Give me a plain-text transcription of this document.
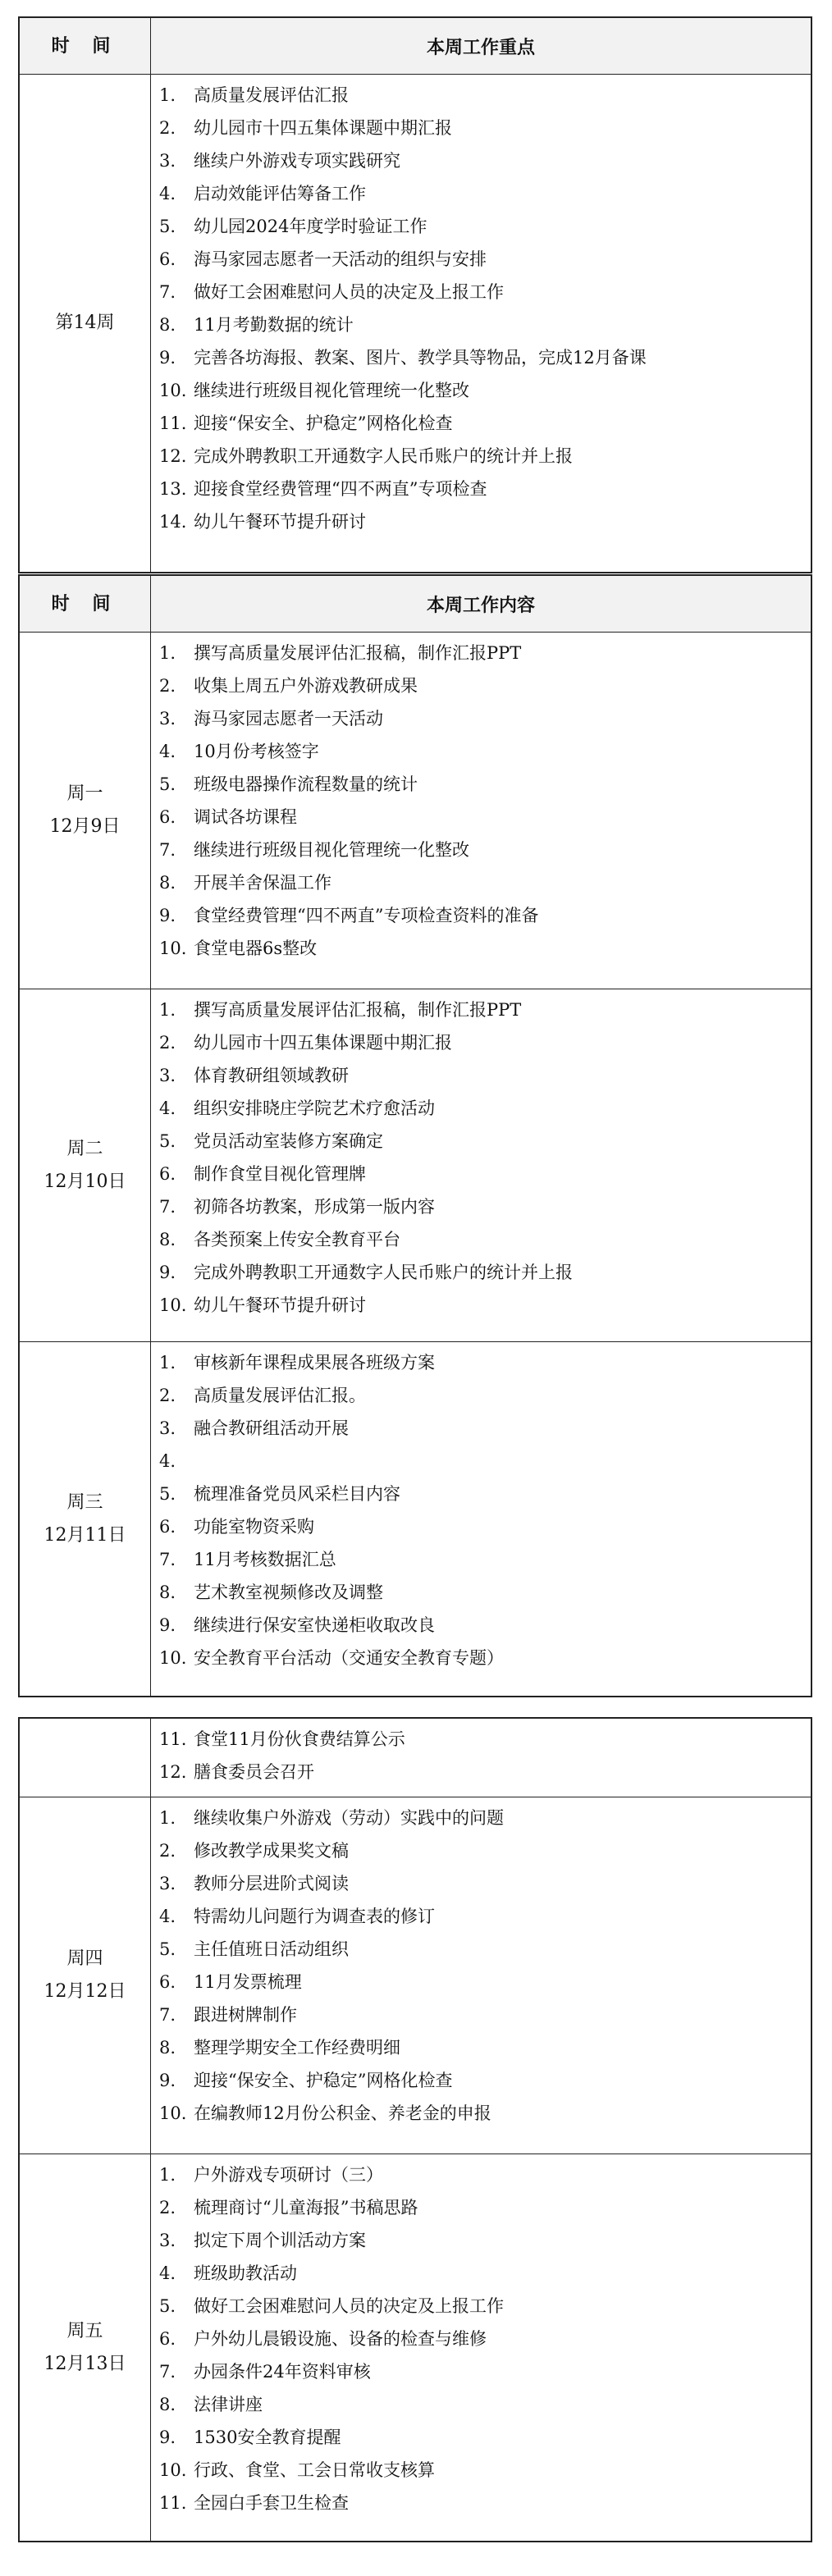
时 间	本周工作重点
第14周
1. 高质量发展评估汇报
2. 幼儿园市十四五集体课题中期汇报
3. 继续户外游戏专项实践研究
4. 启动效能评估筹备工作
5. 幼儿园2024年度学时验证工作
6. 海马家园志愿者一天活动的组织与安排
7. 做好工会困难慰问人员的决定及上报工作
8. 11月考勤数据的统计
9. 完善各坊海报、教案、图片、教学具等物品，完成12月备课
10. 继续进行班级目视化管理统一化整改
11. 迎接“保安全、护稳定”网格化检查
12. 完成外聘教职工开通数字人民币账户的统计并上报
13. 迎接食堂经费管理“四不两直”专项检查
14. 幼儿午餐环节提升研讨
时 间	本周工作内容
周一
12月9日
1. 撰写高质量发展评估汇报稿，制作汇报PPT
2. 收集上周五户外游戏教研成果
3. 海马家园志愿者一天活动
4. 10月份考核签字
5. 班级电器操作流程数量的统计
6. 调试各坊课程
7. 继续进行班级目视化管理统一化整改
8. 开展羊舍保温工作
9. 食堂经费管理“四不两直”专项检查资料的准备
10. 食堂电器6s整改
周二
12月10日
1. 撰写高质量发展评估汇报稿，制作汇报PPT
2. 幼儿园市十四五集体课题中期汇报
3. 体育教研组领域教研
4. 组织安排晓庄学院艺术疗愈活动
5. 党员活动室装修方案确定
6. 制作食堂目视化管理牌
7. 初筛各坊教案，形成第一版内容
8. 各类预案上传安全教育平台
9. 完成外聘教职工开通数字人民币账户的统计并上报
10. 幼儿午餐环节提升研讨
周三
12月11日
1. 审核新年课程成果展各班级方案
2. 高质量发展评估汇报。
3. 融合教研组活动开展
4.
5. 梳理准备党员风采栏目内容
6. 功能室物资采购
7. 11月考核数据汇总
8. 艺术教室视频修改及调整
9. 继续进行保安室快递柜收取改良
10. 安全教育平台活动（交通安全教育专题）
11. 食堂11月份伙食费结算公示
12. 膳食委员会召开
周四
12月12日
1. 继续收集户外游戏（劳动）实践中的问题
2. 修改教学成果奖文稿
3. 教师分层进阶式阅读
4. 特需幼儿问题行为调查表的修订
5. 主任值班日活动组织
6. 11月发票梳理
7. 跟进树牌制作
8. 整理学期安全工作经费明细
9. 迎接“保安全、护稳定”网格化检查
10. 在编教师12月份公积金、养老金的申报
周五
12月13日
1. 户外游戏专项研讨（三）
2. 梳理商讨“儿童海报”书稿思路
3. 拟定下周个训活动方案
4. 班级助教活动
5. 做好工会困难慰问人员的决定及上报工作
6. 户外幼儿晨锻设施、设备的检查与维修
7. 办园条件24年资料审核
8. 法律讲座
9. 1530安全教育提醒
10. 行政、食堂、工会日常收支核算
11. 全园白手套卫生检查
